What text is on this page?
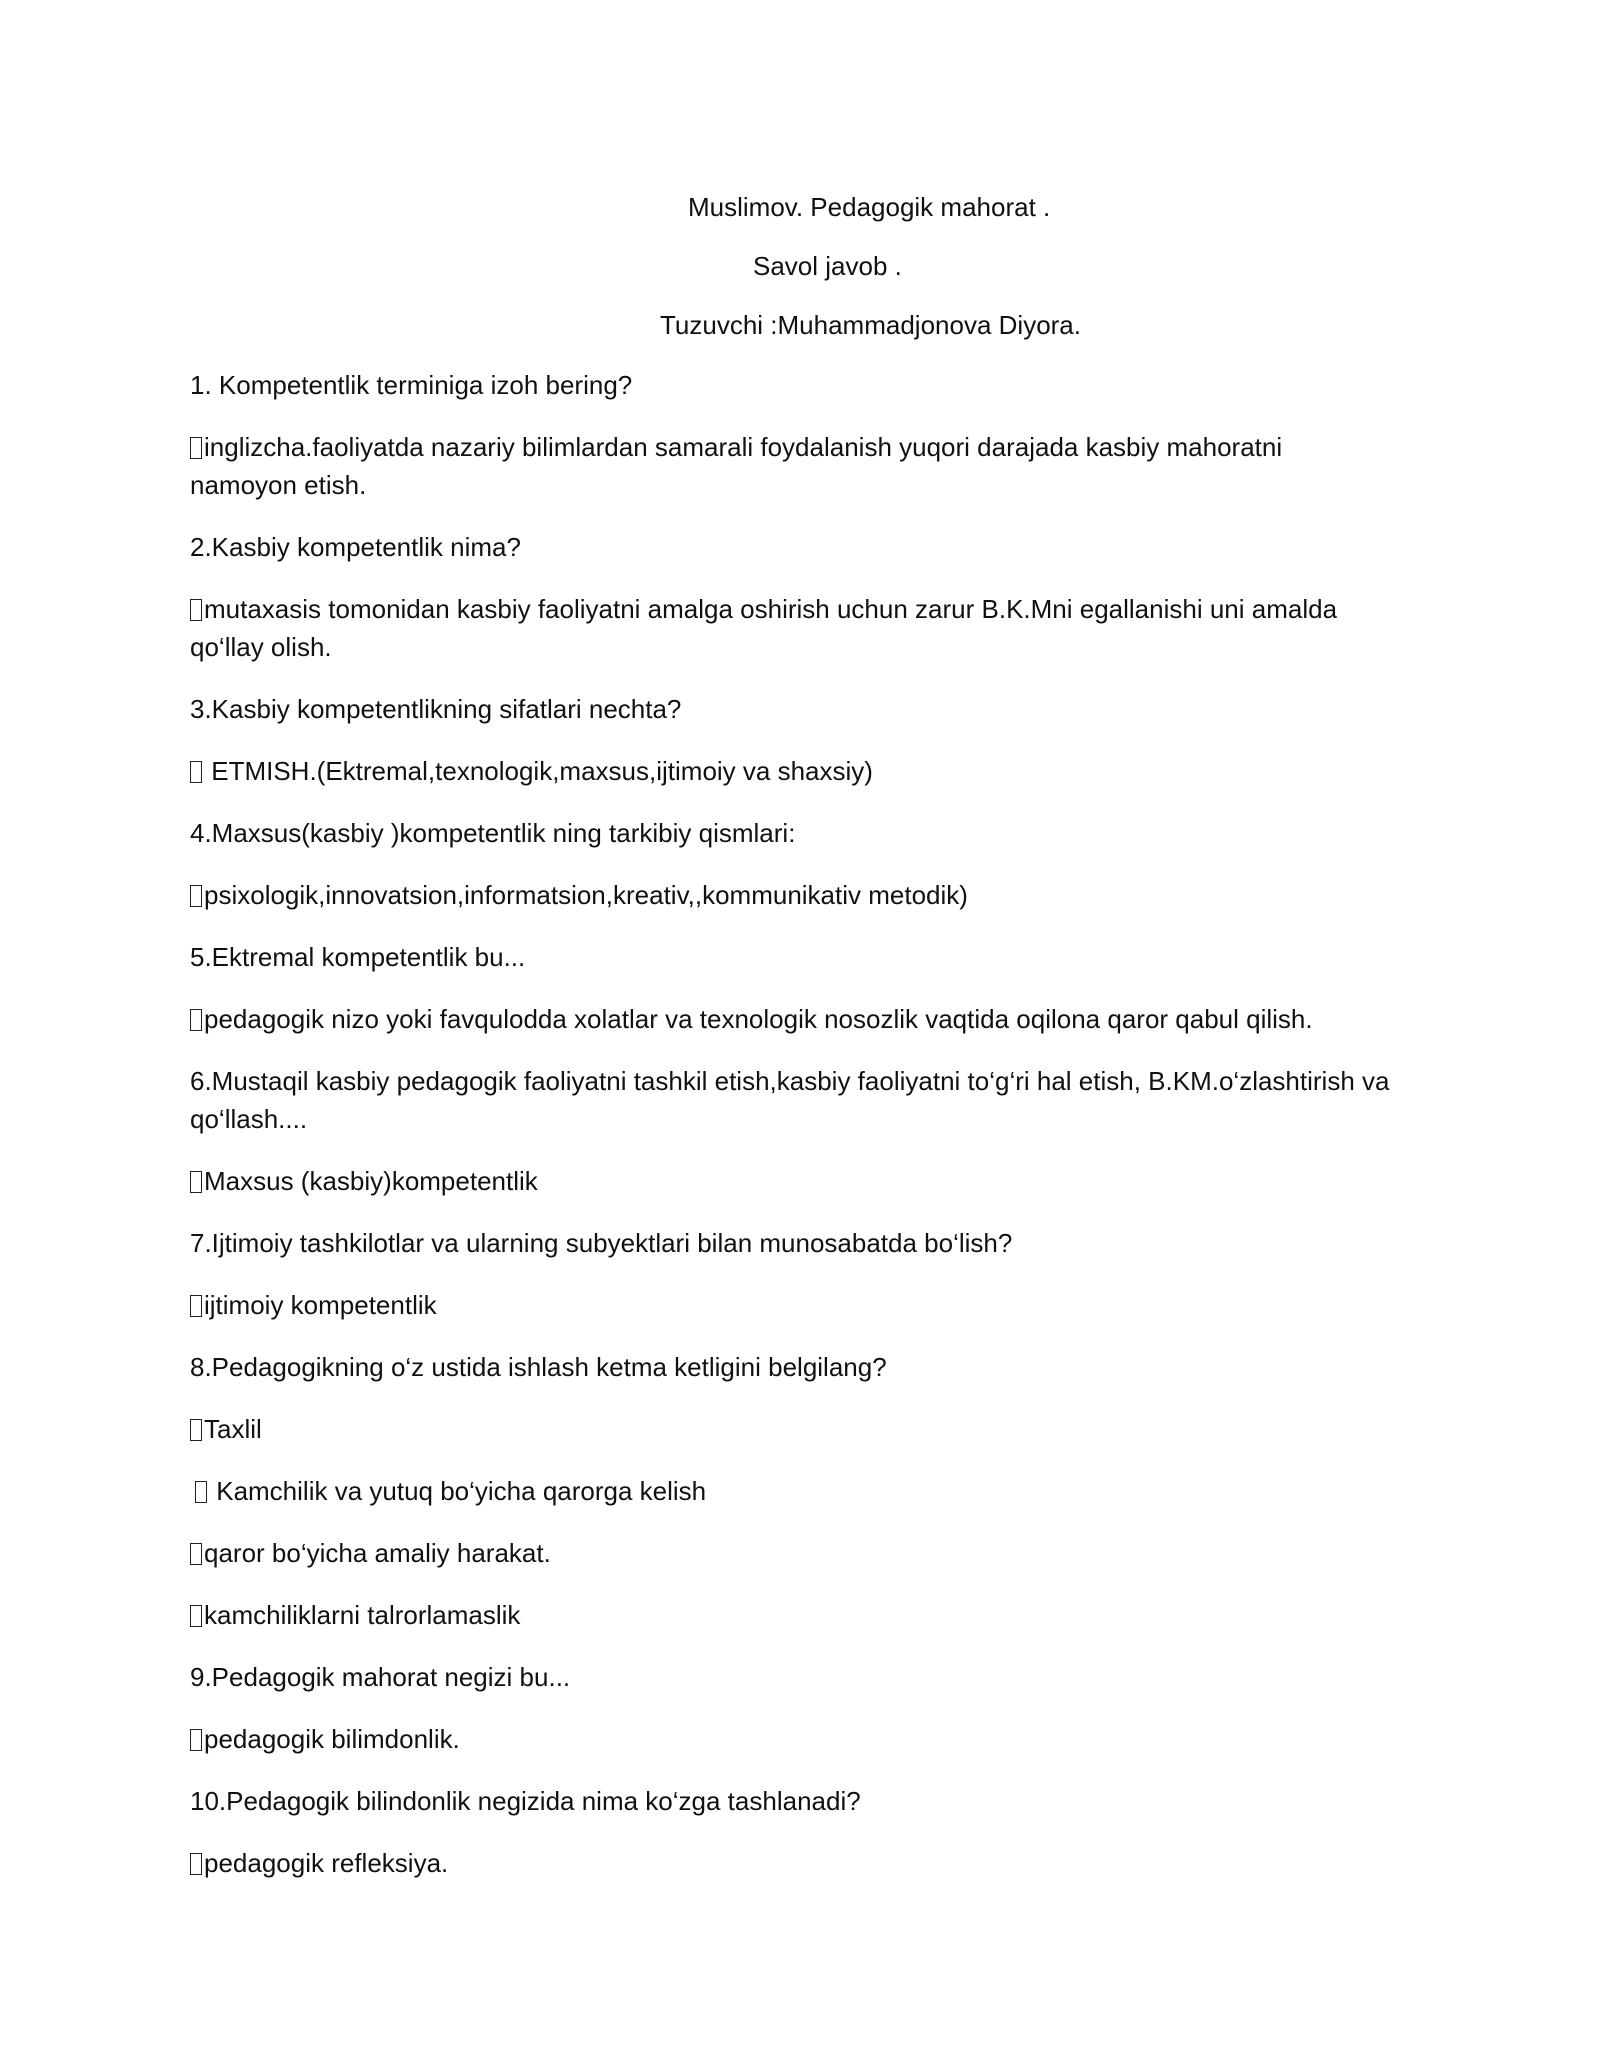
Muslimov. Pedagogik mahorat .
Savol javob .
Tuzuvchi :Muhammadjonova Diyora.

1. Kompetentlik terminiga izoh bering?

inglizcha.faoliyatda nazariy bilimlardan samarali foydalanish yuqori darajada kasbiy mahoratni namoyon etish.

2.Kasbiy kompetentlik nima?

mutaxasis tomonidan kasbiy faoliyatni amalga oshirish uchun zarur B.K.Mni egallanishi uni amalda qo‘llay olish.

3.Kasbiy kompetentlikning sifatlari nechta?

ETMISH.(Ektremal,texnologik,maxsus,ijtimoiy va shaxsiy)

4.Maxsus(kasbiy )kompetentlik ning tarkibiy qismlari:

psixologik,innovatsion,informatsion,kreativ,,kommunikativ metodik)

5.Ektremal kompetentlik bu...

pedagogik nizo yoki favqulodda xolatlar va texnologik nosozlik vaqtida oqilona qaror qabul qilish.

6.Mustaqil kasbiy pedagogik faoliyatni tashkil etish,kasbiy faoliyatni to‘g‘ri hal etish, B.KM.o‘zlashtirish va qo‘llash....

Maxsus (kasbiy)kompetentlik

7.Ijtimoiy tashkilotlar va ularning subyektlari bilan munosabatda bo‘lish?

ijtimoiy kompetentlik

8.Pedagogikning o‘z ustida ishlash ketma ketligini belgilang?

Taxlil

Kamchilik va yutuq bo‘yicha qarorga kelish

qaror bo‘yicha amaliy harakat.

kamchiliklarni talrorlamaslik

9.Pedagogik mahorat negizi bu...

pedagogik bilimdonlik.

10.Pedagogik bilindonlik negizida nima ko‘zga tashlanadi?

pedagogik refleksiya.
